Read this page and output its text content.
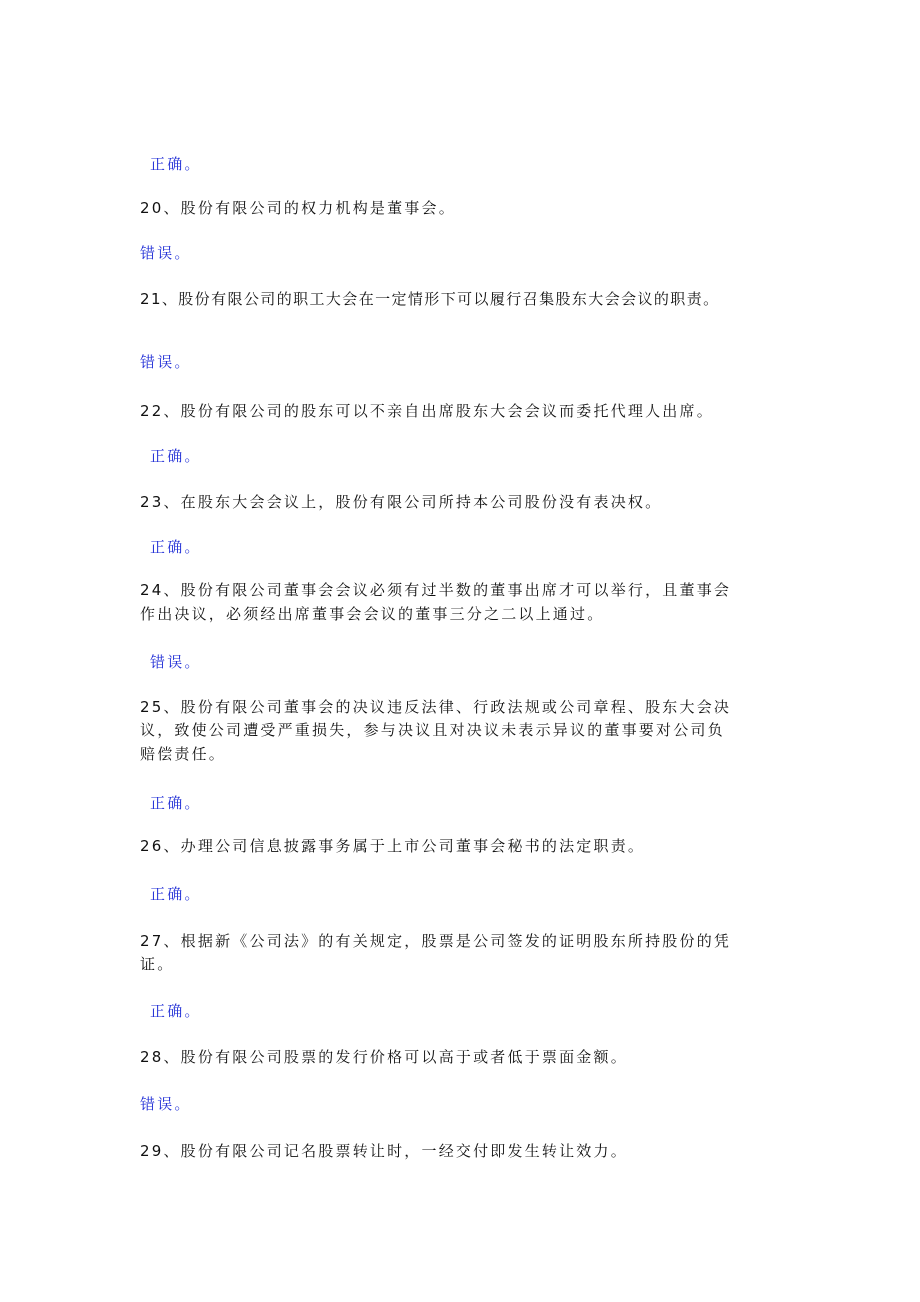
正确。
20、股份有限公司的权力机构是董事会。
错误。
21、股份有限公司的职工大会在一定情形下可以履行召集股东大会会议的职责。
错误。
22、股份有限公司的股东可以不亲自出席股东大会会议而委托代理人出席。
正确。
23、在股东大会会议上，股份有限公司所持本公司股份没有表决权。
正确。
24、股份有限公司董事会会议必须有过半数的董事出席才可以举行，且董事会
作出决议，必须经出席董事会会议的董事三分之二以上通过。
错误。
25、股份有限公司董事会的决议违反法律、行政法规或公司章程、股东大会决
议，致使公司遭受严重损失，参与决议且对决议未表示异议的董事要对公司负
赔偿责任。
正确。
26、办理公司信息披露事务属于上市公司董事会秘书的法定职责。
正确。
27、根据新《公司法》的有关规定，股票是公司签发的证明股东所持股份的凭
证。
正确。
28、股份有限公司股票的发行价格可以高于或者低于票面金额。
错误。
29、股份有限公司记名股票转让时，一经交付即发生转让效力。
